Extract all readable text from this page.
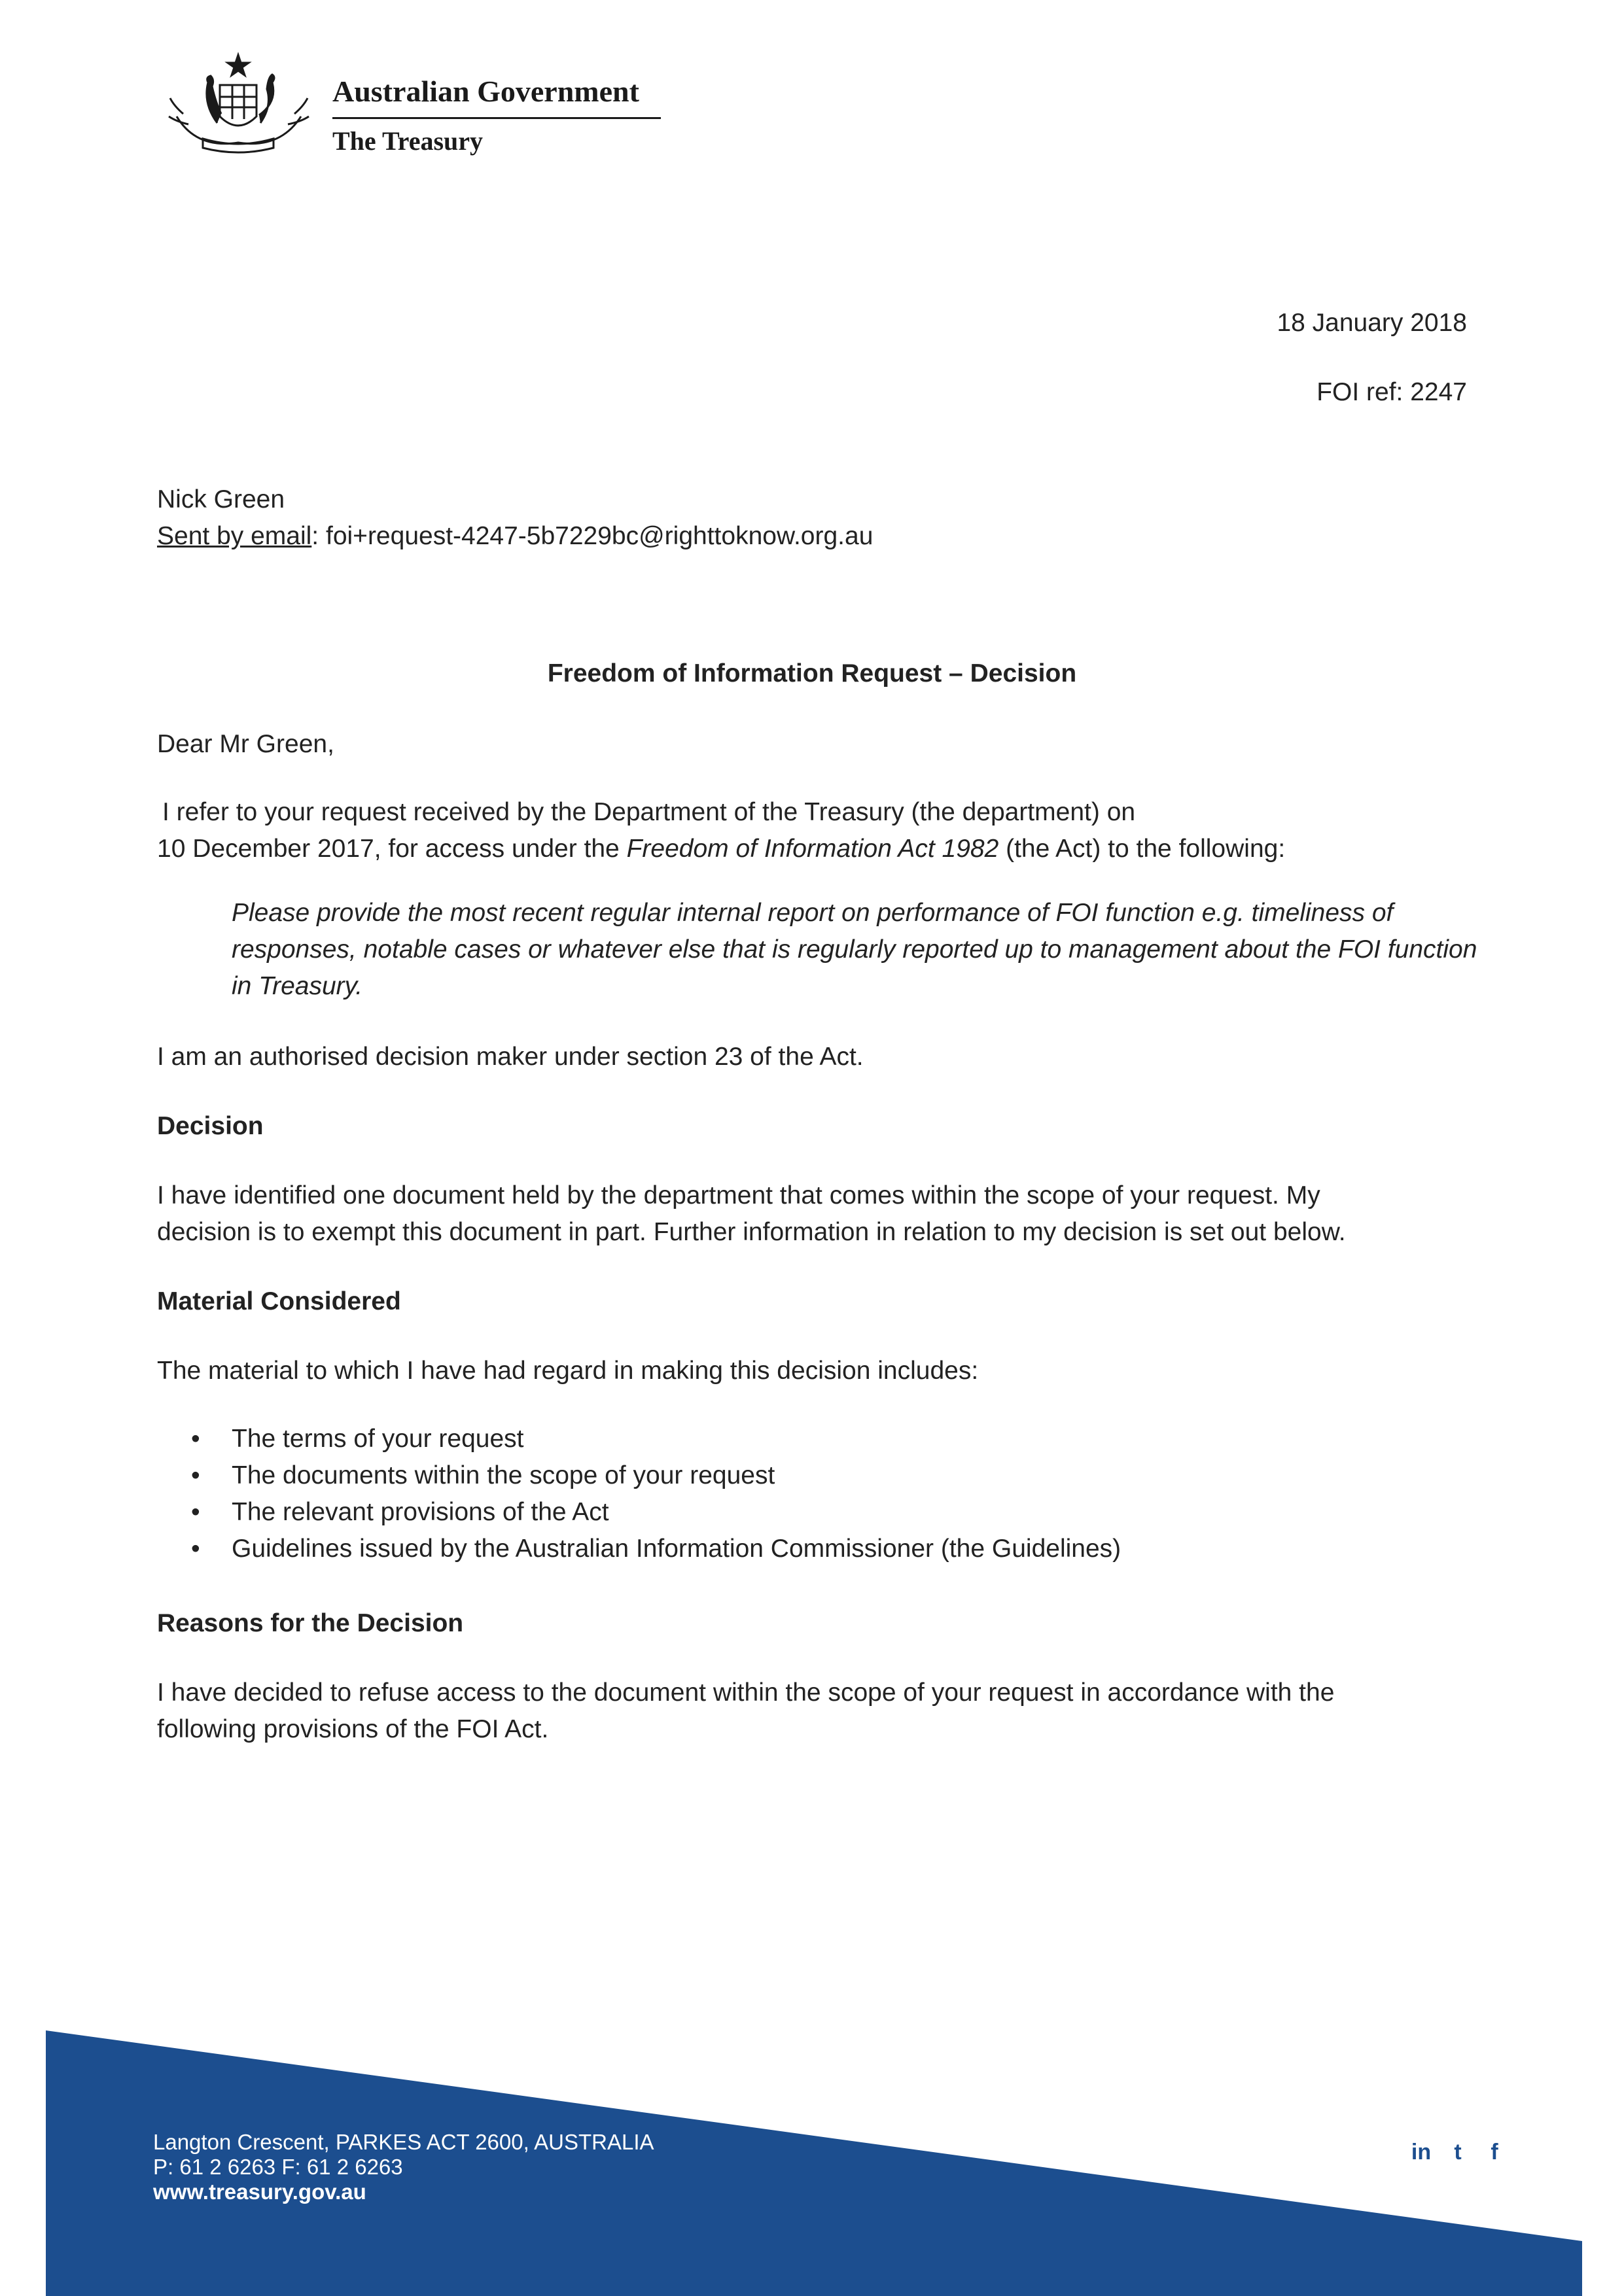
Australian Government
The Treasury
18 January 2018
FOI ref: 2247
Nick Green
Sent by email: foi+request-4247-5b7229bc@righttoknow.org.au
Freedom of Information Request – Decision
Dear Mr Green,
I refer to your request received by the Department of the Treasury (the department) on
10 December 2017, for access under the Freedom of Information Act 1982 (the Act) to the following:
Please provide the most recent regular internal report on performance of FOI function e.g. timeliness of responses, notable cases or whatever else that is regularly reported up to management about the FOI function in Treasury.
I am an authorised decision maker under section 23 of the Act.
Decision
I have identified one document held by the department that comes within the scope of your request. My
decision is to exempt this document in part. Further information in relation to my decision is set out below.
Material Considered
The material to which I have had regard in making this decision includes:
• The terms of your request
• The documents within the scope of your request
• The relevant provisions of the Act
• Guidelines issued by the Australian Information Commissioner (the Guidelines)
Reasons for the Decision
I have decided to refuse access to the document within the scope of your request in accordance with the
following provisions of the FOI Act.
Langton Crescent, PARKES ACT 2600, AUSTRALIA
P: 61 2 6263 F: 61 2 6263
www.treasury.gov.au
in	t	f
